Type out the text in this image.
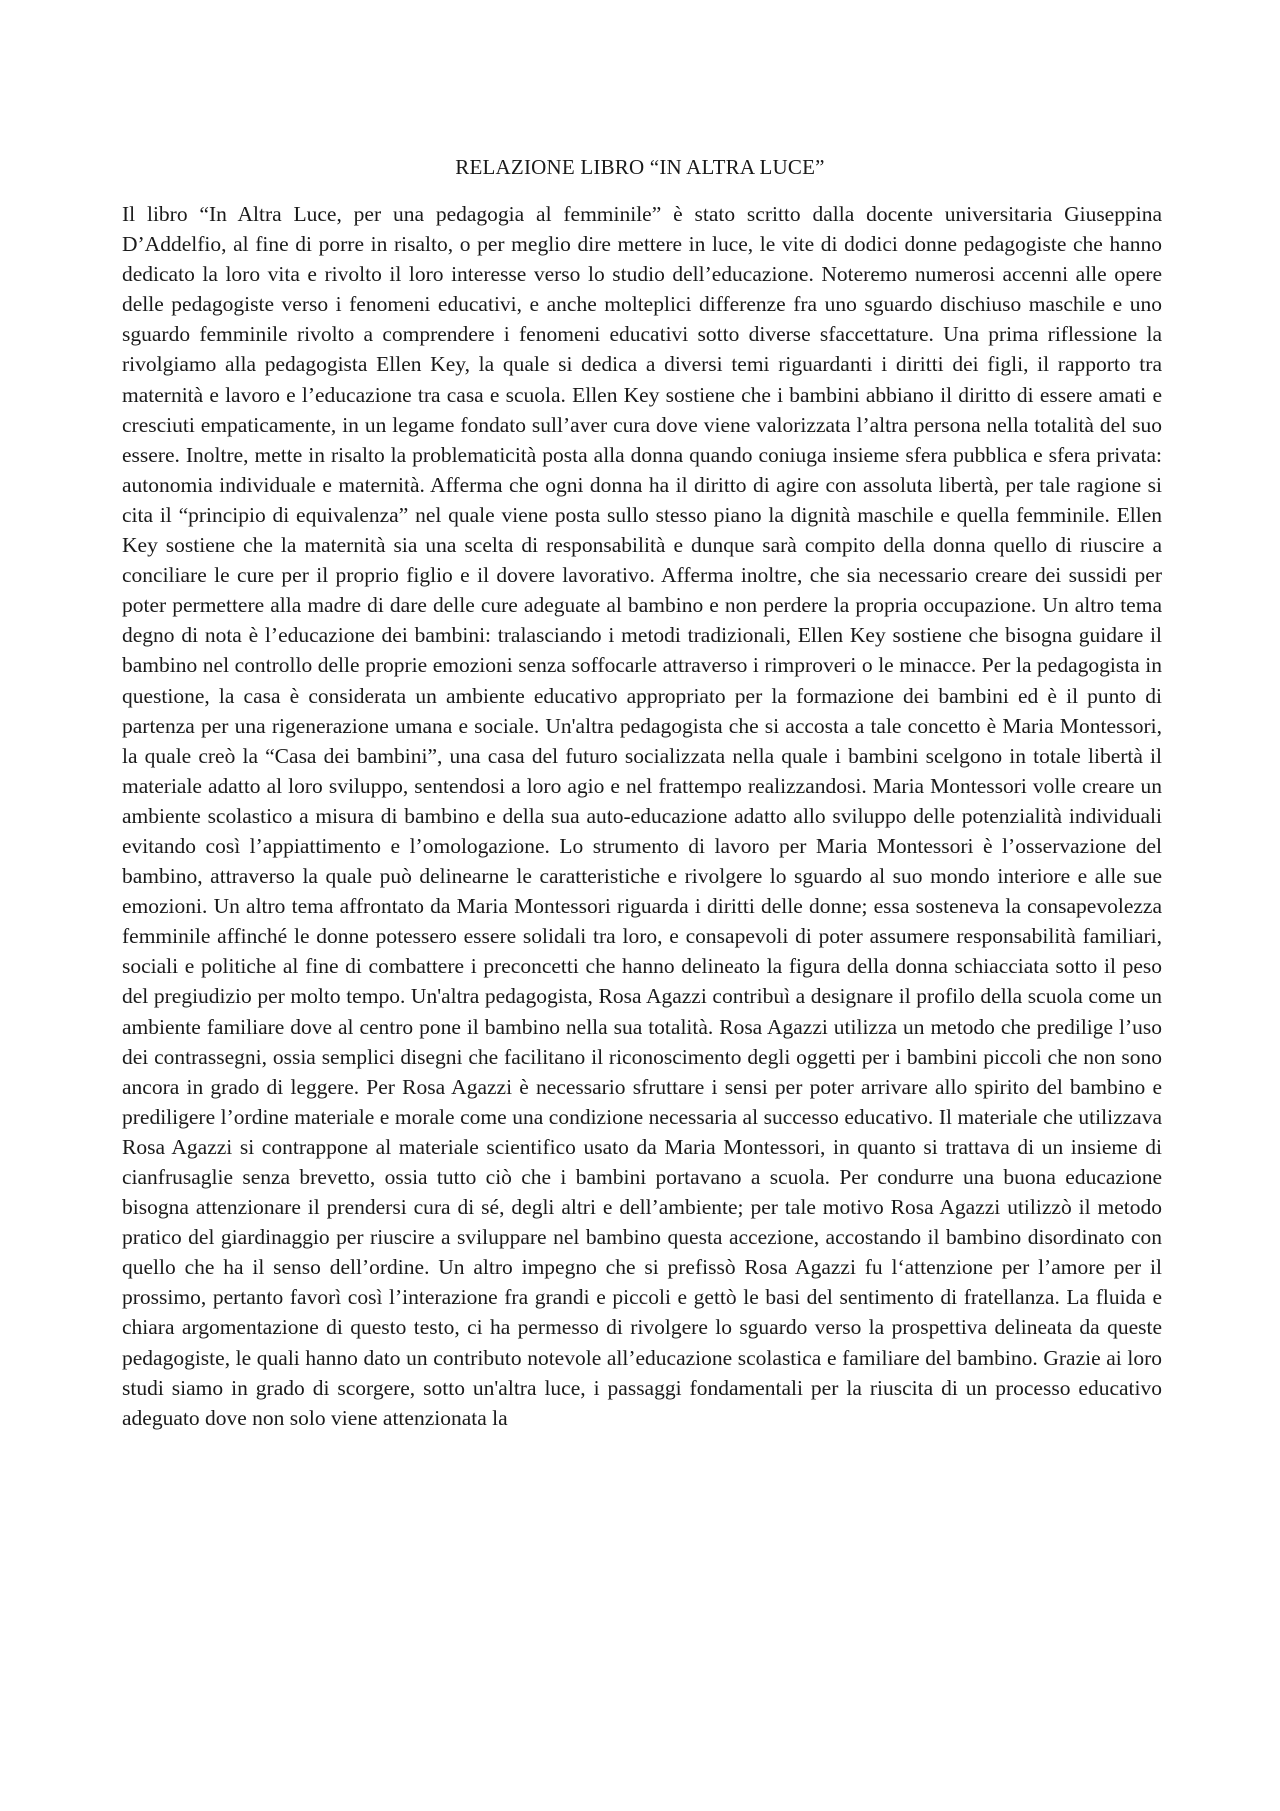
RELAZIONE LIBRO “IN ALTRA LUCE”

Il libro “In Altra Luce, per una pedagogia al femminile” è stato scritto dalla docente universitaria Giuseppina D’Addelfio, al fine di porre in risalto, o per meglio dire mettere in luce, le vite di dodici donne pedagogiste che hanno dedicato la loro vita e rivolto il loro interesse verso lo studio dell’educazione. Noteremo numerosi accenni alle opere delle pedagogiste verso i fenomeni educativi, e anche molteplici differenze fra uno sguardo dischiuso maschile e uno sguardo femminile rivolto a comprendere i fenomeni educativi sotto diverse sfaccettature. Una prima riflessione la rivolgiamo alla pedagogista Ellen Key, la quale si dedica a diversi temi riguardanti i diritti dei figli, il rapporto tra maternità e lavoro e l’educazione tra casa e scuola. Ellen Key sostiene che i bambini abbiano il diritto di essere amati e cresciuti empaticamente, in un legame fondato sull’aver cura dove viene valorizzata l’altra persona nella totalità del suo essere. Inoltre, mette in risalto la problematicità posta alla donna quando coniuga insieme sfera pubblica e sfera privata: autonomia individuale e maternità. Afferma che ogni donna ha il diritto di agire con assoluta libertà, per tale ragione si cita il “principio di equivalenza” nel quale viene posta sullo stesso piano la dignità maschile e quella femminile. Ellen Key sostiene che la maternità sia una scelta di responsabilità e dunque sarà compito della donna quello di riuscire a conciliare le cure per il proprio figlio e il dovere lavorativo. Afferma inoltre, che sia necessario creare dei sussidi per poter permettere alla madre di dare delle cure adeguate al bambino e non perdere la propria occupazione. Un altro tema degno di nota è l’educazione dei bambini: tralasciando i metodi tradizionali, Ellen Key sostiene che bisogna guidare il bambino nel controllo delle proprie emozioni senza soffocarle attraverso i rimproveri o le minacce. Per la pedagogista in questione, la casa è considerata un ambiente educativo appropriato per la formazione dei bambini ed è il punto di partenza per una rigenerazione umana e sociale. Un'altra pedagogista che si accosta a tale concetto è Maria Montessori, la quale creò la “Casa dei bambini”, una casa del futuro socializzata nella quale i bambini scelgono in totale libertà il materiale adatto al loro sviluppo, sentendosi a loro agio e nel frattempo realizzandosi. Maria Montessori volle creare un ambiente scolastico a misura di bambino e della sua auto-educazione adatto allo sviluppo delle potenzialità individuali evitando così l’appiattimento e l’omologazione. Lo strumento di lavoro per Maria Montessori è l’osservazione del bambino, attraverso la quale può delinearne le caratteristiche e rivolgere lo sguardo al suo mondo interiore e alle sue emozioni. Un altro tema affrontato da Maria Montessori riguarda i diritti delle donne; essa sosteneva la consapevolezza femminile affinché le donne potessero essere solidali tra loro, e consapevoli di poter assumere responsabilità familiari, sociali e politiche al fine di combattere i preconcetti che hanno delineato la figura della donna schiacciata sotto il peso del pregiudizio per molto tempo. Un'altra pedagogista, Rosa Agazzi contribuì a designare il profilo della scuola come un ambiente familiare dove al centro pone il bambino nella sua totalità. Rosa Agazzi utilizza un metodo che predilige l’uso dei contrassegni, ossia semplici disegni che facilitano il riconoscimento degli oggetti per i bambini piccoli che non sono ancora in grado di leggere. Per Rosa Agazzi è necessario sfruttare i sensi per poter arrivare allo spirito del bambino e prediligere l’ordine materiale e morale come una condizione necessaria al successo educativo. Il materiale che utilizzava Rosa Agazzi si contrappone al materiale scientifico usato da Maria Montessori, in quanto si trattava di un insieme di cianfrusaglie senza brevetto, ossia tutto ciò che i bambini portavano a scuola. Per condurre una buona educazione bisogna attenzionare il prendersi cura di sé, degli altri e dell’ambiente; per tale motivo Rosa Agazzi utilizzò il metodo pratico del giardinaggio per riuscire a sviluppare nel bambino questa accezione, accostando il bambino disordinato con quello che ha il senso dell’ordine. Un altro impegno che si prefissò Rosa Agazzi fu l‘attenzione per l’amore per il prossimo, pertanto favorì così l’interazione fra grandi e piccoli e gettò le basi del sentimento di fratellanza. La fluida e chiara argomentazione di questo testo, ci ha permesso di rivolgere lo sguardo verso la prospettiva delineata da queste pedagogiste, le quali hanno dato un contributo notevole all’educazione scolastica e familiare del bambino. Grazie ai loro studi siamo in grado di scorgere, sotto un'altra luce, i passaggi fondamentali per la riuscita di un processo educativo adeguato dove non solo viene attenzionata la
